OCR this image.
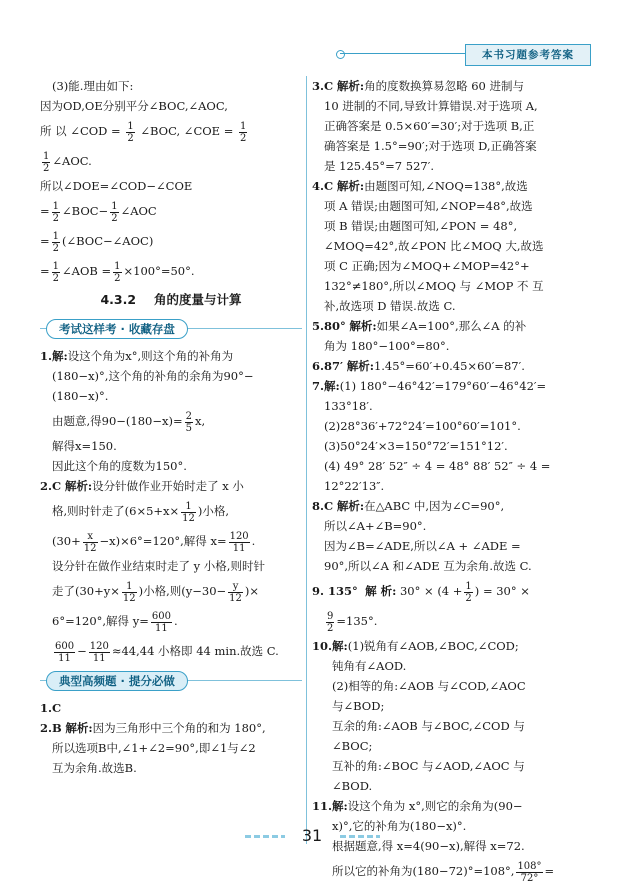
本书习题参考答案
(3)能.理由如下:
因为OD,OE分别平分∠BOC,∠AOC,
所 以 ∠COD = $\frac{1}{2}$ ∠BOC, ∠COE = $\frac{1}{2}$
$\frac{1}{2}$ ∠AOC.
所以∠DOE=∠COD−∠COE
= $\frac{1}{2}$ ∠BOC− $\frac{1}{2}$ ∠AOC
= $\frac{1}{2}$ (∠BOC−∠AOC)
= $\frac{1}{2}$ ∠AOB = $\frac{1}{2} \times 100^\circ=50^\circ$.
4.3.2 角的度量与计算
考试这样考 · 收藏存盘
1.解:设这个角为x°,则这个角的补角为
(180−x)°,这个角的补角的余角为90°−
(180−x)°.
由题意,得$90-(180-x)= \frac{2}{5} x$,
解得x=150.
因此这个角的度数为150°.
2.C 解析:设分针做作业开始时走了 x 小
格,则时针走了($6\times 5+x\times \frac{1}{12}$ )小格,
$(30+ \frac{x}{12} -x)\times 6^\circ=120^\circ$,解得 $x= \frac{120}{11}$ .
设分针在做作业结束时走了 y 小格,则时针
走了($30+y\times \frac{1}{12}$ )小格,则($y-30- \frac{y}{12}$ )×
6°=120°,解得 $y= \frac{600}{11}$ .
$\frac{600}{11} - \frac{120}{11} \approx 44,44$ 小格即 44 min.故选 C.
典型高频题 · 提分必做
1.C
2.B 解析:因为三角形中三个角的和为 180°,
所以选项B中,∠1+∠2=90°,即∠1与∠2
互为余角.故选B.
3.C 解析:角的度数换算易忽略 60 进制与
10 进制的不同,导致计算错误.对于选项 A,
正确答案是 0.5×60′=30′;对于选项 B,正
确答案是 1.5°=90′;对于选项 D,正确答案
是 125.45°=7 527′.
4.C 解析:由题图可知,∠NOQ=138°,故选
项 A 错误;由题图可知,∠NOP=48°,故选
项 B 错误;由题图可知,∠PON = 48°,
∠MOQ=42°,故∠PON 比∠MOQ 大,故选
项 C 正确;因为∠MOQ+∠MOP=42°+
132°≠180°,所以∠MOQ 与 ∠MOP 不 互
补,故选项 D 错误.故选 C.
5.80° 解析:如果∠A=100°,那么∠A 的补
角为 180°−100°=80°.
6.87′ 解析:1.45°=60′+0.45×60′=87′.
7.解:(1) 180°−46°42′=179°60′−46°42′=
133°18′.
(2)28°36′+72°24′=100°60′=101°.
(3)50°24′×3=150°72′=151°12′.
(4) 49° 28′ 52″ ÷ 4 = 48° 88′ 52″ ÷ 4 =
12°22′13″.
8.C 解析:在△ABC 中,因为∠C=90°,
所以∠A+∠B=90°.
因为∠B=∠ADE,所以∠A + ∠ADE =
90°,所以∠A 和∠ADE 互为余角.故选 C.
9. 135° 解 析: $30^\circ \times (4 + \frac{1}{2}$ ) = 30° ×
$\frac{9}{2} =135^\circ$.
10.解:(1)锐角有∠AOB,∠BOC,∠COD;
钝角有∠AOD.
(2)相等的角:∠AOB 与∠COD,∠AOC
与∠BOD;
互余的角:∠AOB 与∠BOC,∠COD 与
∠BOC;
互补的角:∠BOC 与∠AOD,∠AOC 与
∠BOD.
11.解:设这个角为 x°,则它的余角为(90−
x)°,它的补角为(180−x)°.
根据题意,得 x=4(90−x),解得 x=72.
所以它的补角为(180−72)°=108°, $\frac{108^\circ}{72^\circ}$ =
31
